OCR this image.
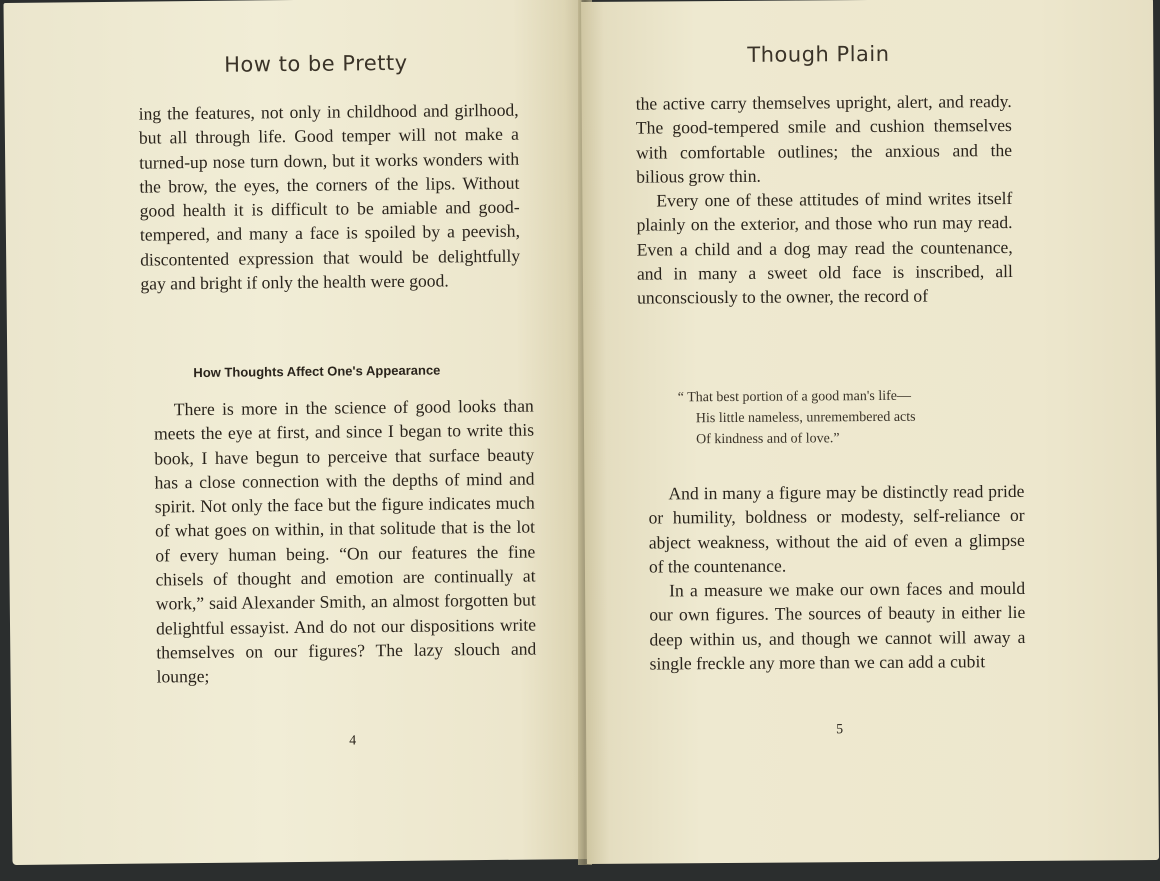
How to be Pretty

ing the features, not only in childhood and girlhood, but all through life. Good temper will not make a turned-up nose turn down, but it works wonders with the brow, the eyes, the corners of the lips. Without good health it is difficult to be amiable and good-tempered, and many a face is spoiled by a peevish, discontented expression that would be delightfully gay and bright if only the health were good.

How Thoughts Affect One's Appearance

There is more in the science of good looks than meets the eye at first, and since I began to write this book, I have begun to perceive that surface beauty has a close connection with the depths of mind and spirit. Not only the face but the figure indicates much of what goes on within, in that solitude that is the lot of every human being. “On our features the fine chisels of thought and emotion are continually at work,” said Alexander Smith, an almost forgotten but delightful essayist. And do not our dispositions write themselves on our figures? The lazy slouch and lounge;

4
Though Plain

the active carry themselves upright, alert, and ready. The good-tempered smile and cushion themselves with comfortable outlines; the anxious and the bilious grow thin.

Every one of these attitudes of mind writes itself plainly on the exterior, and those who run may read. Even a child and a dog may read the countenance, and in many a sweet old face is inscribed, all unconsciously to the owner, the record of

“ That best portion of a good man's life—
His little nameless, unremembered acts
Of kindness and of love.”

And in many a figure may be distinctly read pride or humility, boldness or modesty, self-reliance or abject weakness, without the aid of even a glimpse of the countenance.

In a measure we make our own faces and mould our own figures. The sources of beauty in either lie deep within us, and though we cannot will away a single freckle any more than we can add a cubit

5
